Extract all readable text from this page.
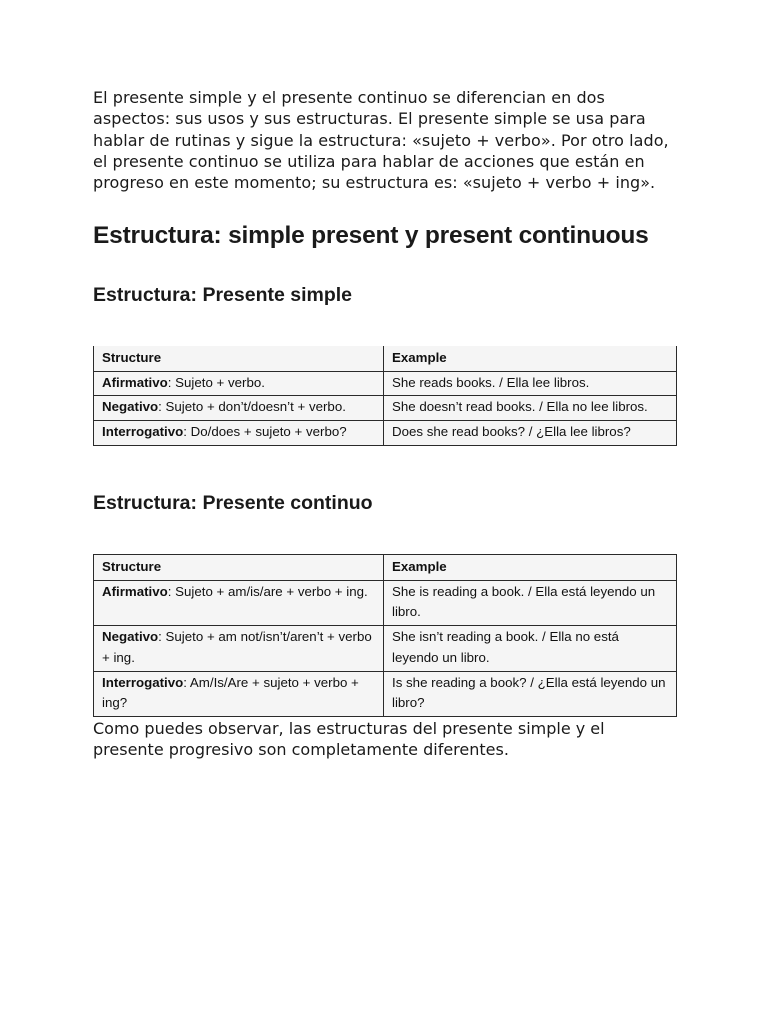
El presente simple y el presente continuo se diferencian en dos aspectos: sus usos y sus estructuras. El presente simple se usa para hablar de rutinas y sigue la estructura: «sujeto + verbo». Por otro lado, el presente continuo se utiliza para hablar de acciones que están en progreso en este momento; su estructura es: «sujeto + verbo + ing».

Estructura: simple present y present continuous
Estructura: Presente simple
Structure	Example
Afirmativo: Sujeto + verbo.	She reads books. / Ella lee libros.
Negativo: Sujeto + don’t/doesn’t + verbo.	She doesn’t read books. / Ella no lee libros.
Interrogativo: Do/does + sujeto + verbo?	Does she read books? / ¿Ella lee libros?
Estructura: Presente continuo
Structure	Example
Afirmativo: Sujeto + am/is/are + verbo + ing.	She is reading a book. / Ella está leyendo un libro.
Negativo: Sujeto + am not/isn’t/aren’t + verbo + ing.	She isn’t reading a book. / Ella no está leyendo un libro.
Interrogativo: Am/Is/Are + sujeto + verbo + ing?	Is she reading a book? / ¿Ella está leyendo un libro?

Como puedes observar, las estructuras del presente simple y el presente progresivo son completamente diferentes.
